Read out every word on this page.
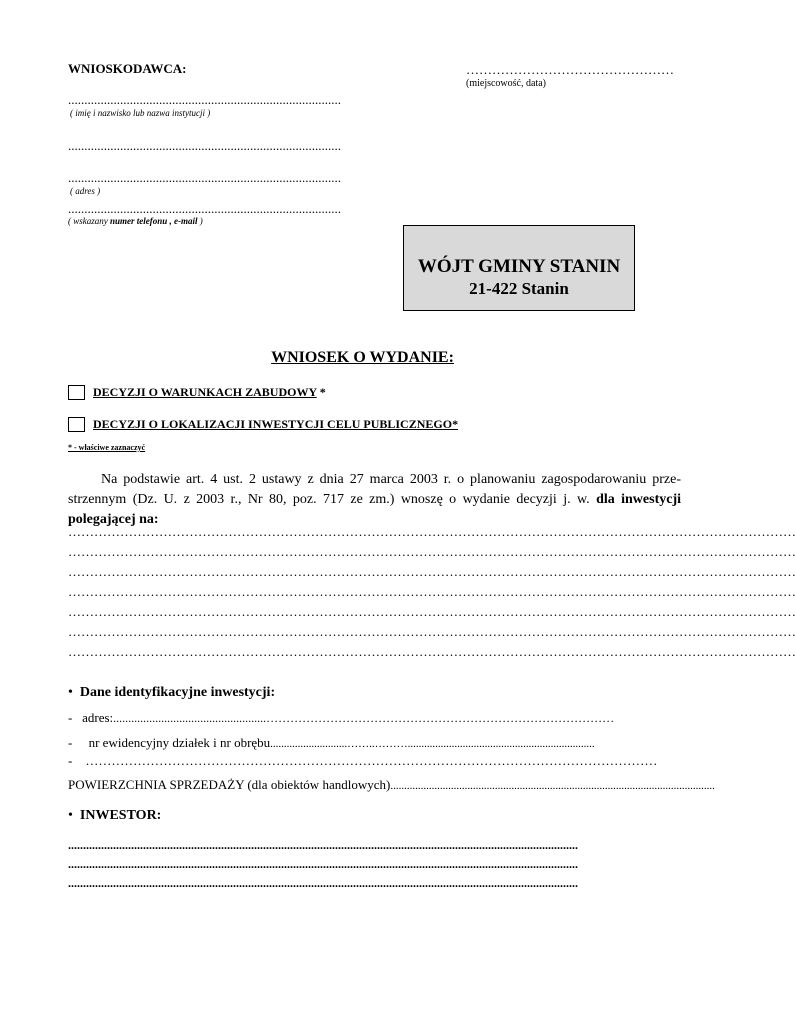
WNIOSKODAWCA:	…………………………………………
(miejscowość, data)
....................................................................................
( imię i nazwisko lub nazwa instytucji )
....................................................................................
....................................................................................
( adres )
....................................................................................
( wskazany numer telefonu , e-mail )
WÓJT GMINY STANIN
21-422 Stanin
WNIOSEK O WYDANIE:
DECYZJI O WARUNKACH ZABUDOWY *
DECYZJI O LOKALIZACJI INWESTYCJI CELU PUBLICZNEGO*
* - właściwe zaznaczyć
Na podstawie art. 4 ust. 2 ustawy z dnia 27 marca 2003 r. o planowaniu zagospodarowaniu prze-strzennym (Dz. U. z 2003 r., Nr 80, poz. 717 ze zm.) wnoszę o wydanie decyzji j. w. dla inwestycji polegającej na:
……………………………………………………………………………………………………………………………………………………
……………………………………………………………………………………………………………………………………………………
……………………………………………………………………………………………………………………………………………………
……………………………………………………………………………………………………………………………………………………
……………………………………………………………………………………………………………………………………………………
……………………………………………………………………………………………………………………………………………………
……………………………………………………………………………………………………………………………………………………
•  Dane identyfikacyjne inwestycji:
-   adres:...................................................……………………………………………………………………………
-     nr ewidencyjny działek i nr obrębu............................……..………....................................................................
-    ……………………………………………………………………………………………………………………
POWIERZCHNIA SPRZEDAŻY (dla obiektów handlowych)......................................................................................................................
•  INWESTOR:
..........................................................................................................................................................................
..........................................................................................................................................................................
..........................................................................................................................................................................
